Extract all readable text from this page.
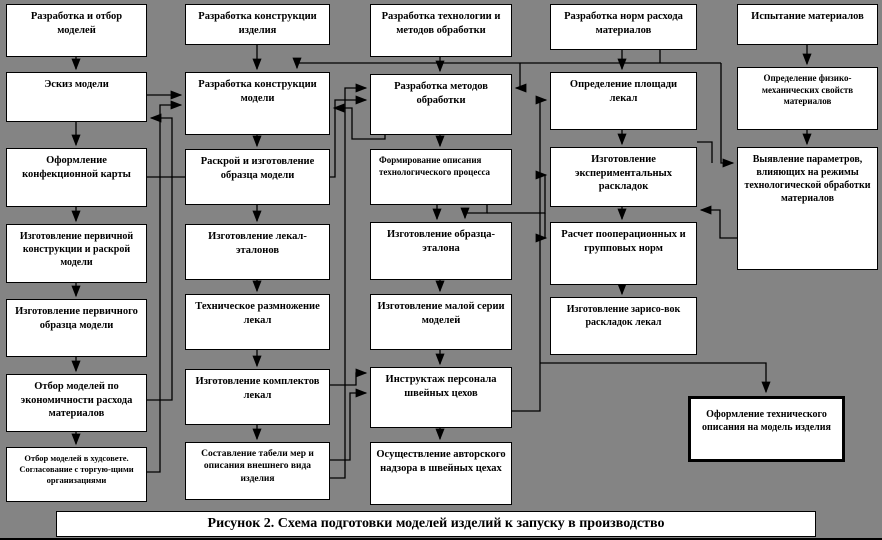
Разработка и отбор моделей
Эскиз модели
Оформление конфекционной карты
Изготовление первичной конструкции и раскрой модели
Изготовление первичного образца модели
Отбор моделей по экономичности расхода материалов
Отбор моделей в худсовете. Согласование с торгую-щими организациями
Разработка конструкции изделия
Разработка конструкции модели
Раскрой и изготовление образца модели
Изготовление лекал-эталонов
Техническое размножение лекал
Изготовление комплектов лекал
Составление табели мер и описания внешнего вида изделия
Разработка технологии и методов обработки
Разработка методов обработки
Формирование описания технологического процесса
Изготовление образца-эталона
Изготовление малой серии моделей
Инструктаж персонала швейных цехов
Осуществление авторского надзора в швейных цехах
Разработка норм расхода материалов
Определение площади лекал
Изготовление экспериментальных раскладок
Расчет пооперационных и групповых норм
Изготовление зарисо-вок раскладок лекал
Испытание материалов
Определение физико-механических свойств материалов
Выявление параметров, влияющих на режимы технологической обработки материалов
Оформление технического описания на модель изделия
Рисунок 2. Схема подготовки моделей изделий к запуску в производство
